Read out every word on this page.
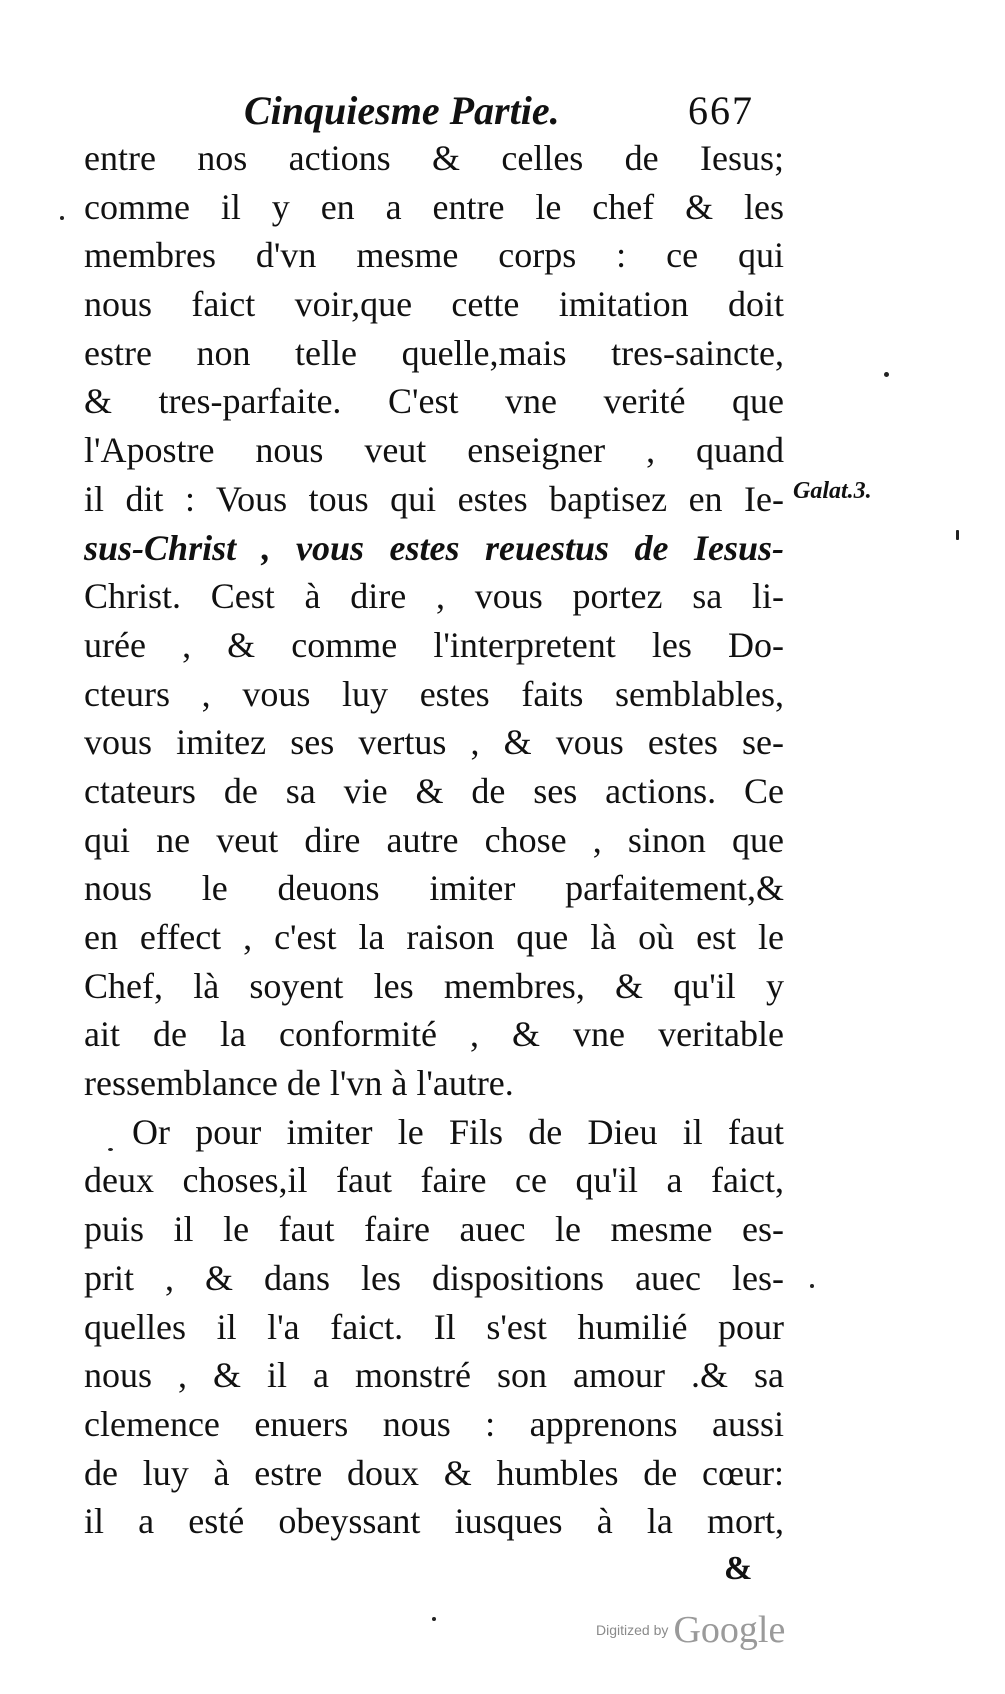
Cinquiesme Partie.	667
entre nos actions & celles de Iesus;
comme il y en a entre le chef & les
membres d'vn mesme corps : ce qui
nous faict voir,que cette imitation doit
estre non telle quelle,mais tres-saincte,
& tres-parfaite. C'est vne verité que
l'Apostre nous veut enseigner , quand
il dit : Vous tous qui estes baptisez en Ie-
sus-Christ , vous estes reuestus de Iesus-
Christ. Cest à dire , vous portez sa li-
urée , & comme l'interpretent les Do-
cteurs , vous luy estes faits semblables,
vous imitez ses vertus , & vous estes se-
ctateurs de sa vie & de ses actions. Ce
qui ne veut dire autre chose , sinon que
nous le deuons imiter parfaitement,&
en effect , c'est la raison que là où est le
Chef, là soyent les membres, & qu'il y
ait de la conformité , & vne veritable
ressemblance de l'vn à l'autre.
Or pour imiter le Fils de Dieu il faut
deux choses,il faut faire ce qu'il a faict,
puis il le faut faire auec le mesme es-
prit , & dans les dispositions auec les-
quelles il l'a faict. Il s'est humilié pour
nous , & il a monstré son amour .& sa
clemence enuers nous : apprenons aussi
de luy à estre doux & humbles de cœur:
il a esté obeyssant iusques à la mort,
Galat.3.
&
Digitized by Google
